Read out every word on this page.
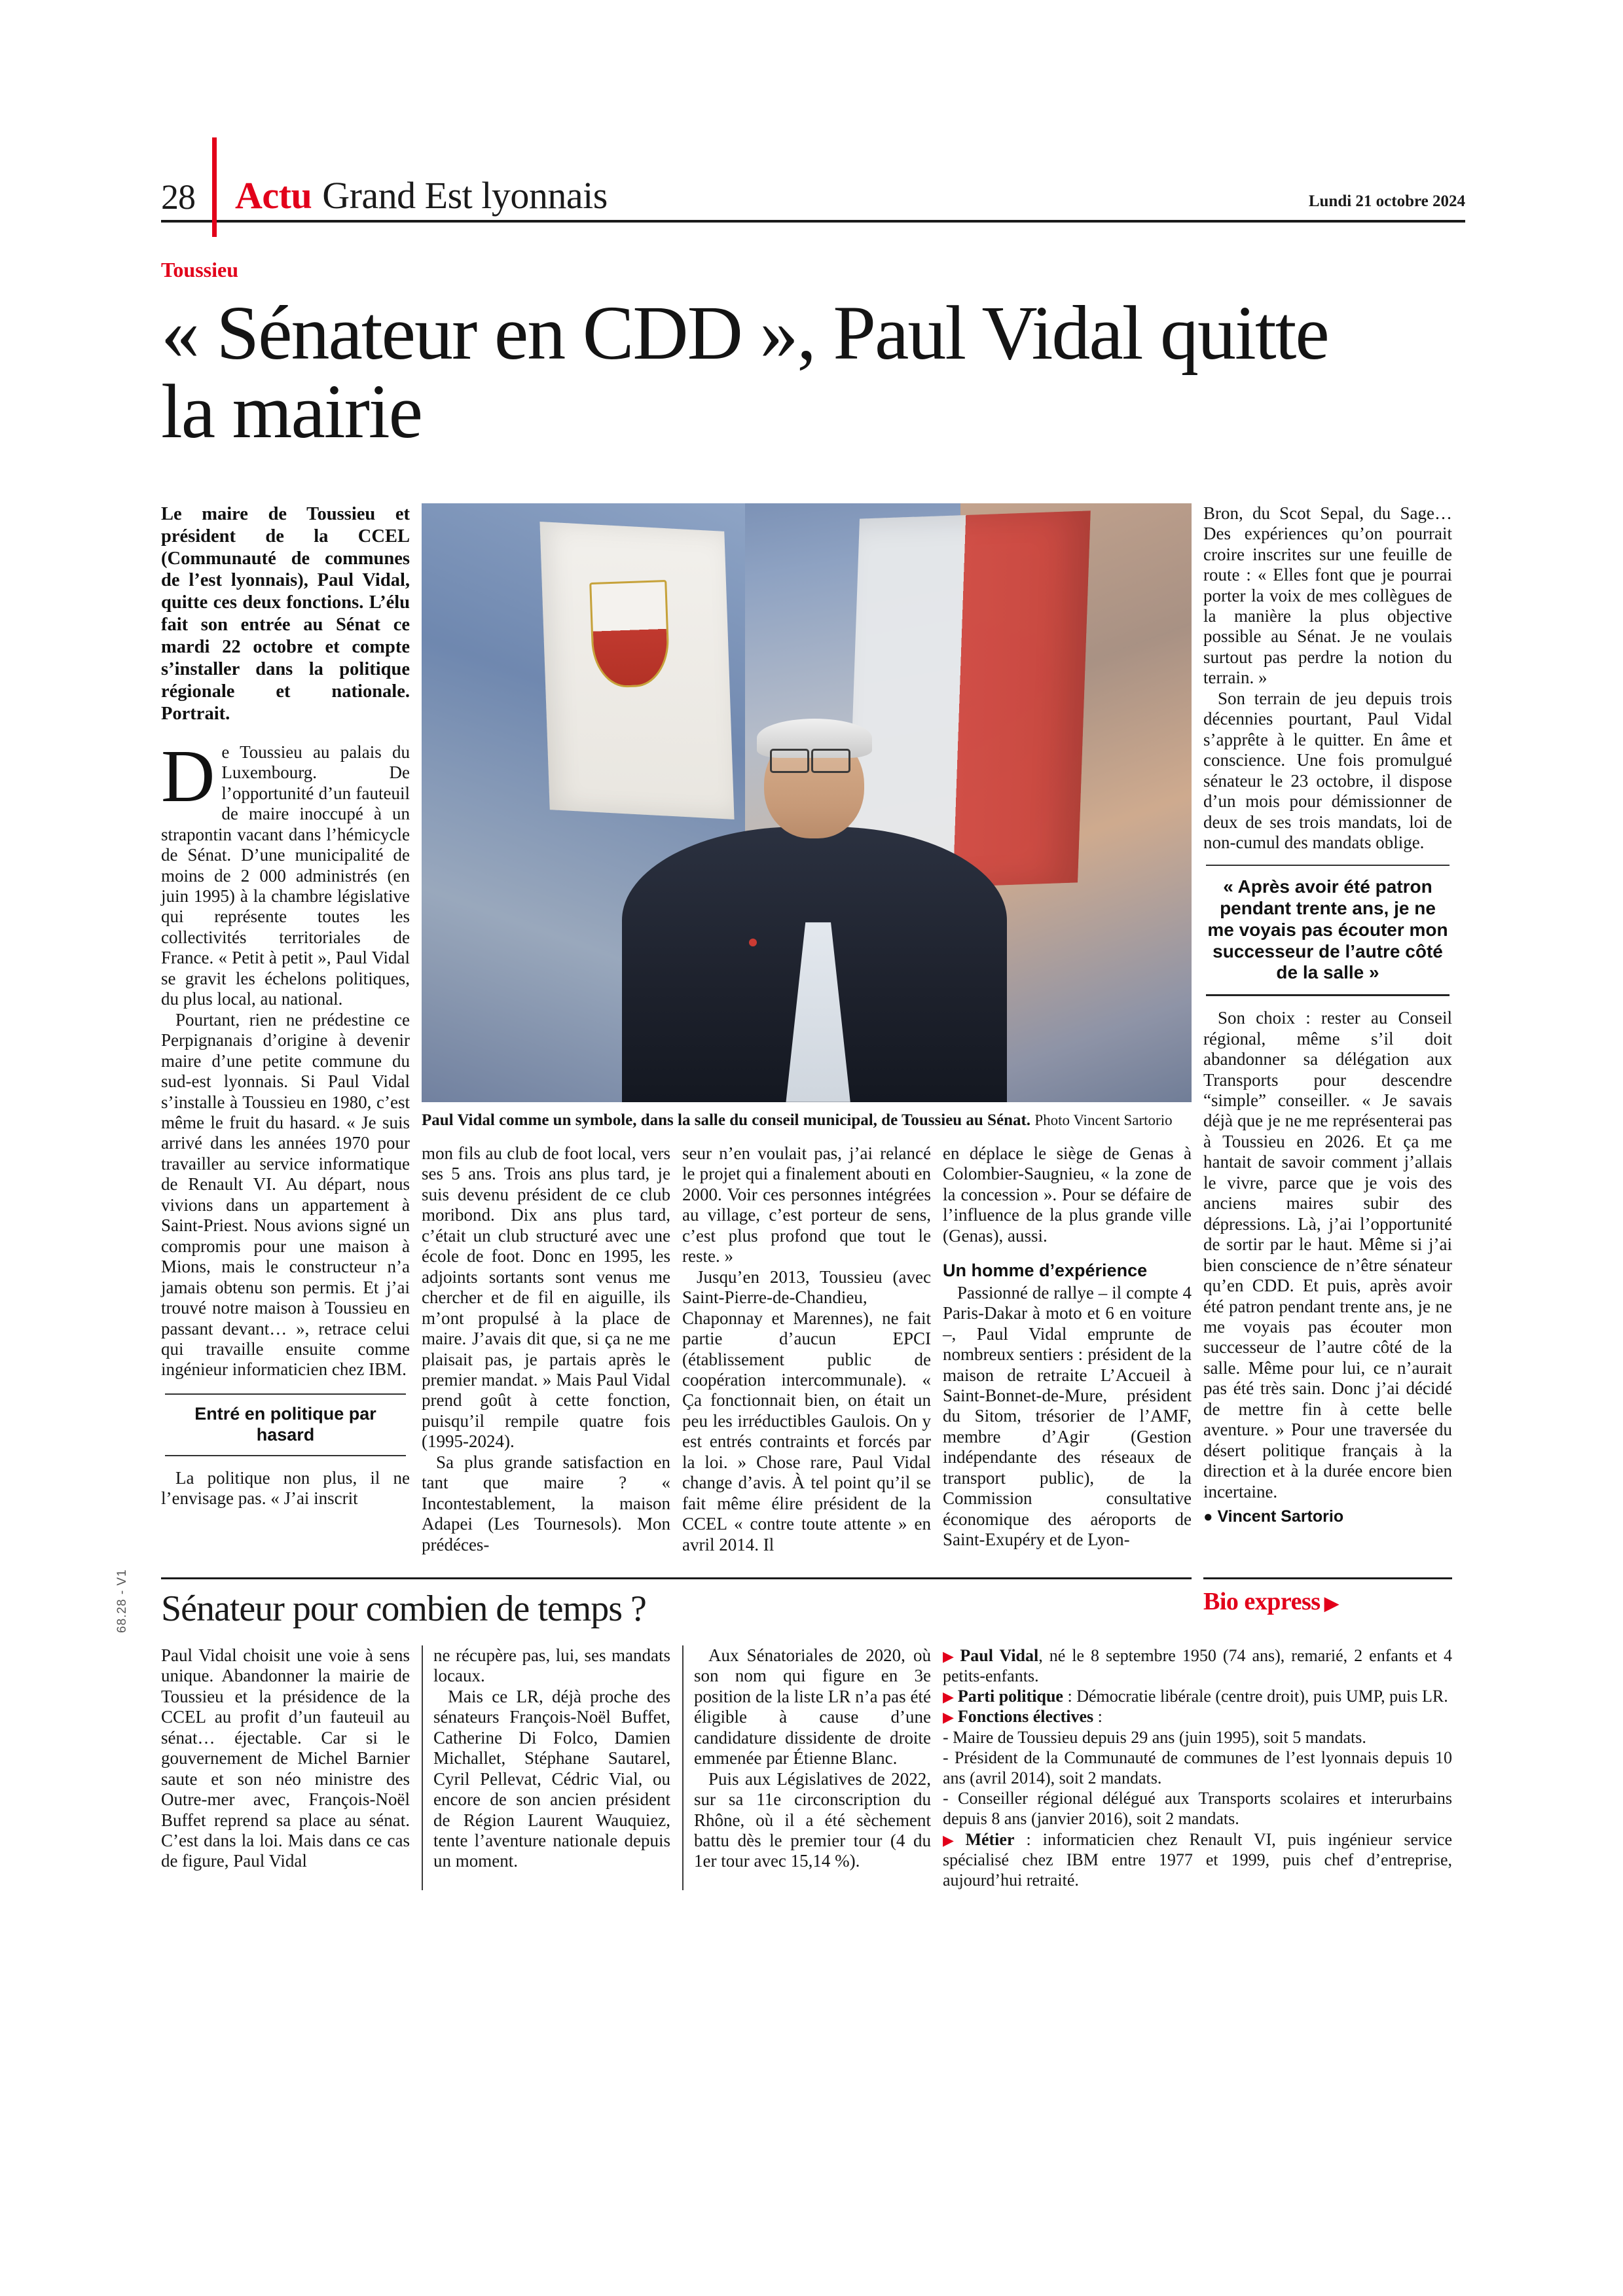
68.28 - V1
28	Actu Grand Est lyonnais	Lundi 21 octobre 2024
Toussieu
« Sénateur en CDD », Paul Vidal quitte la mairie
Le maire de Toussieu et président de la CCEL (Communauté de communes de l’est lyonnais), Paul Vidal, quitte ces deux fonctions. L’élu fait son entrée au Sénat ce mardi 22 octobre et compte s’installer dans la politique régionale et nationale. Portrait.

De Toussieu au palais du Luxembourg. De l’opportunité d’un fauteuil de maire inoccupé à un strapontin vacant dans l’hémicycle de Sénat. D’une municipalité de moins de 2 000 administrés (en juin 1995) à la chambre législative qui représente toutes les collectivités territoriales de France. « Petit à petit », Paul Vidal se gravit les échelons politiques, du plus local, au national.

Pourtant, rien ne prédestine ce Perpignanais d’origine à devenir maire d’une petite commune du sud-est lyonnais. Si Paul Vidal s’installe à Toussieu en 1980, c’est même le fruit du hasard. « Je suis arrivé dans les années 1970 pour travailler au service informatique de Renault VI. Au départ, nous vivions dans un appartement à Saint-Priest. Nous avions signé un compromis pour une maison à Mions, mais le constructeur n’a jamais obtenu son permis. Et j’ai trouvé notre maison à Toussieu en passant devant… », retrace celui qui travaille ensuite comme ingénieur informaticien chez IBM.

Entré en politique par hasard

La politique non plus, il ne l’envisage pas. « J’ai inscrit

Paul Vidal comme un symbole, dans la salle du conseil municipal, de Toussieu au Sénat. Photo Vincent Sartorio

mon fils au club de foot local, vers ses 5 ans. Trois ans plus tard, je suis devenu président de ce club moribond. Dix ans plus tard, c’était un club structuré avec une école de foot. Donc en 1995, les adjoints sortants sont venus me chercher et de fil en aiguille, ils m’ont propulsé à la place de maire. J’avais dit que, si ça ne me plaisait pas, je partais après le premier mandat. » Mais Paul Vidal prend goût à cette fonction, puisqu’il rempile quatre fois (1995-2024).

Sa plus grande satisfaction en tant que maire ? « Incontestablement, la maison Adapei (Les Tournesols). Mon prédéces-

seur n’en voulait pas, j’ai relancé le projet qui a finalement abouti en 2000. Voir ces personnes intégrées au village, c’est porteur de sens, c’est plus profond que tout le reste. »

Jusqu’en 2013, Toussieu (avec Saint-Pierre-de-Chandieu, Chaponnay et Marennes), ne fait partie d’aucun EPCI (établissement public de coopération intercommunale). « Ça fonctionnait bien, on était un peu les irréductibles Gaulois. On y est entrés contraints et forcés par la loi. » Chose rare, Paul Vidal change d’avis. À tel point qu’il se fait même élire président de la CCEL « contre toute attente » en avril 2014. Il

en déplace le siège de Genas à Colombier-Saugnieu, « la zone de la concession ». Pour se défaire de l’influence de la plus grande ville (Genas), aussi.

Un homme d’expérience

Passionné de rallye – il compte 4 Paris-Dakar à moto et 6 en voiture –, Paul Vidal emprunte de nombreux sentiers : président de la maison de retraite L’Accueil à Saint-Bonnet-de-Mure, président du Sitom, trésorier de l’AMF, membre d’Agir (Gestion indépendante des réseaux de transport public), de la Commission consultative économique des aéroports de Saint-Exupéry et de Lyon-

Bron, du Scot Sepal, du Sage… Des expériences qu’on pourrait croire inscrites sur une feuille de route : « Elles font que je pourrai porter la voix de mes collègues de la manière la plus objective possible au Sénat. Je ne voulais surtout pas perdre la notion du terrain. »

Son terrain de jeu depuis trois décennies pourtant, Paul Vidal s’apprête à le quitter. En âme et conscience. Une fois promulgué sénateur le 23 octobre, il dispose d’un mois pour démissionner de deux de ses trois mandats, loi de non-cumul des mandats oblige.

« Après avoir été patron pendant trente ans, je ne me voyais pas écouter mon successeur de l’autre côté de la salle »

Son choix : rester au Conseil régional, même s’il doit abandonner sa délégation aux Transports pour descendre “simple” conseiller. « Je savais déjà que je ne me représenterai pas à Toussieu en 2026. Et ça me hantait de savoir comment j’allais le vivre, parce que je vois des anciens maires subir des dépressions. Là, j’ai l’opportunité de sortir par le haut. Même si j’ai bien conscience de n’être sénateur qu’en CDD. Et puis, après avoir été patron pendant trente ans, je ne me voyais pas écouter mon successeur de l’autre côté de la salle. Même pour lui, ce n’aurait pas été très sain. Donc j’ai décidé de mettre fin à cette belle aventure. » Pour une traversée du désert politique français à la direction et à la durée encore bien incertaine.

● Vincent Sartorio
Sénateur pour combien de temps ?	Bio express ▶

Paul Vidal choisit une voie à sens unique. Abandonner la mairie de Toussieu et la présidence de la CCEL au profit d’un fauteuil au sénat… éjectable. Car si le gouvernement de Michel Barnier saute et son néo ministre des Outre-mer avec, François-Noël Buffet reprend sa place au sénat. C’est dans la loi. Mais dans ce cas de figure, Paul Vidal

ne récupère pas, lui, ses mandats locaux.

Mais ce LR, déjà proche des sénateurs François-Noël Buffet, Catherine Di Folco, Damien Michallet, Stéphane Sautarel, Cyril Pellevat, Cédric Vial, ou encore de son ancien président de Région Laurent Wauquiez, tente l’aventure nationale depuis un moment.

Aux Sénatoriales de 2020, où son nom qui figure en 3e position de la liste LR n’a pas été éligible à cause d’une candidature dissidente de droite emmenée par Étienne Blanc.

Puis aux Législatives de 2022, sur sa 11e circonscription du Rhône, où il a été sèchement battu dès le premier tour (4 du 1er tour avec 15,14 %).

▶ Paul Vidal, né le 8 septembre 1950 (74 ans), remarié, 2 enfants et 4 petits-enfants.

▶ Parti politique : Démocratie libérale (centre droit), puis UMP, puis LR.

▶ Fonctions électives :

- Maire de Toussieu depuis 29 ans (juin 1995), soit 5 mandats.

- Président de la Communauté de communes de l’est lyonnais depuis 10 ans (avril 2014), soit 2 mandats.

- Conseiller régional délégué aux Transports scolaires et interurbains depuis 8 ans (janvier 2016), soit 2 mandats.

▶ Métier : informaticien chez Renault VI, puis ingénieur service spécialisé chez IBM entre 1977 et 1999, puis chef d’entreprise, aujourd’hui retraité.
